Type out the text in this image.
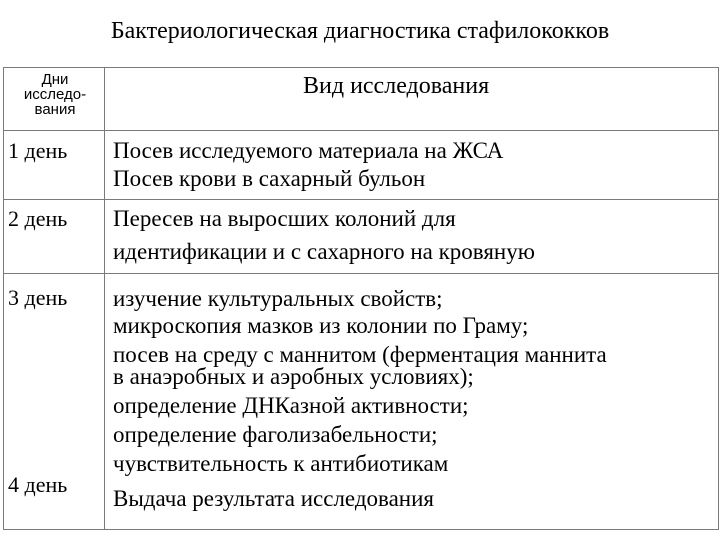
Бактериологическая диагностика стафилококков
Дни
исследо-
вания
Вид исследования
1 день Посев исследуемого материала на ЖСА
Посев крови в сахарный бульон
2 день Пересев на выросших колоний для
идентификации и с сахарного на кровяную
3 день
4 день
изучение культуральных свойств;
микроскопия мазков из колонии по Граму;
посев на среду с маннитом (ферментация маннита
в анаэробных и аэробных условиях);
определение ДНКазной активности;
определение фаголизабельности;
чувствительность к антибиотикам
Выдача результата исследования
